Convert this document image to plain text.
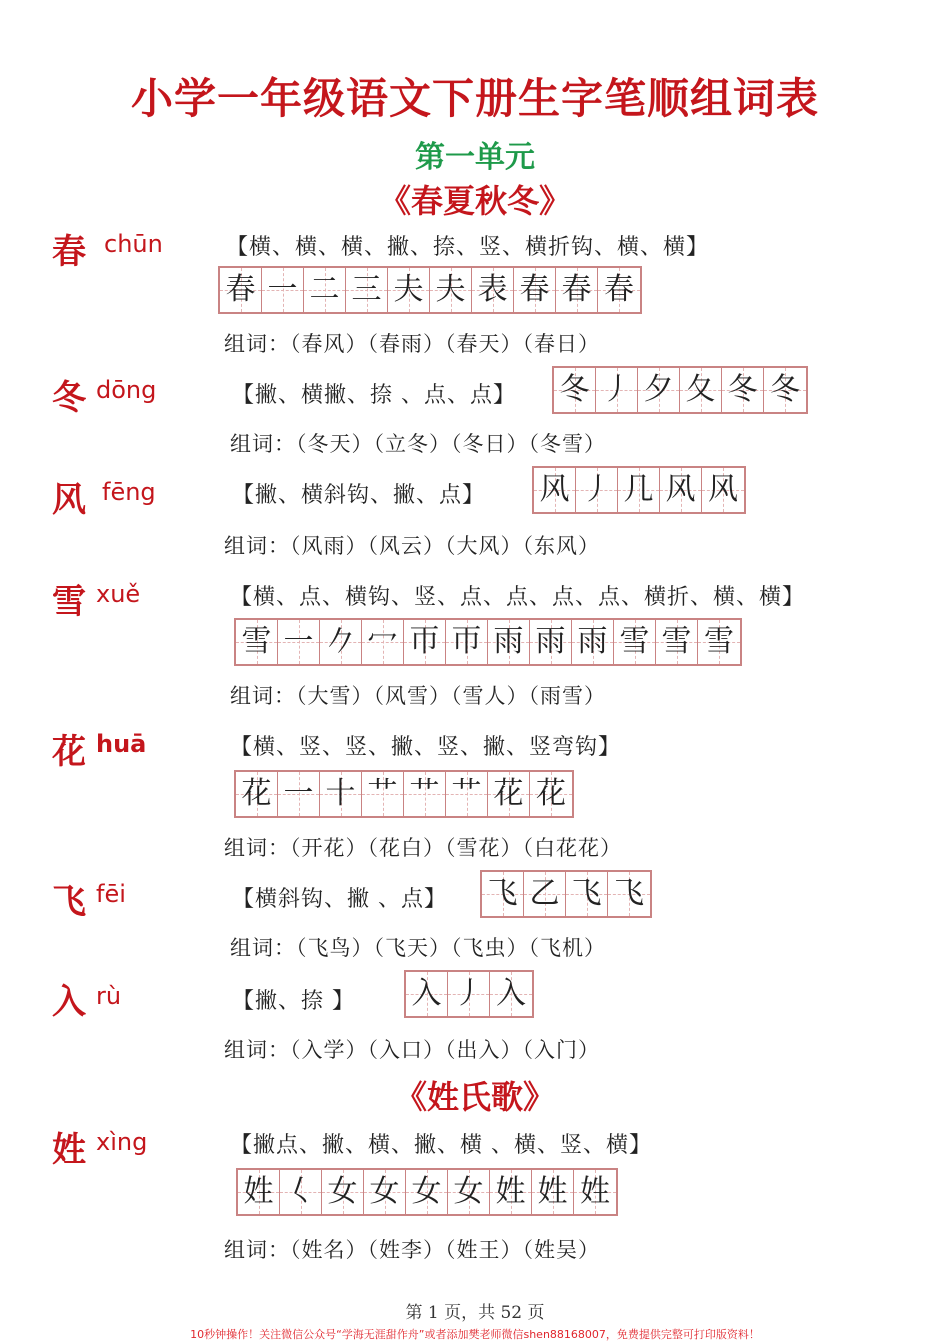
小学一年级语文下册生字笔顺组词表
第一单元
《春夏秋冬》
春 chūn	【横、横、横、撇、捺、竖、横折钩、横、横】
春 一 二 三 夫 夫 表 春 春 春
组词：（春风）（春雨）（春天）（春日）
冬 dōng	【撇、横撇、捺 、点、点】 冬 丿 夕 夂 冬 冬
组词：（冬天）（立冬）（冬日）（冬雪）
风 fēng	【撇、横斜钩、撇、点】 风 丿 几 风 风
组词：（风雨）（风云）（大风）（东风）
雪 xuě	【横、点、横钩、竖、点、点、点、点、横折、横、横】
雪 一 𠂊 冖 帀 帀 雨 雨 雨 雪 雪 雪
组词：（大雪）（风雪）（雪人）（雨雪）
花 huā	【横、竖、竖、撇、竖、撇、竖弯钩】
花 一 十 艹 艹 艹 花 花
组词：（开花）（花白）（雪花）（白花花）
飞 fēi	【横斜钩、撇 、点】 飞 乙 飞 飞
组词：（飞鸟）（飞天）（飞虫）（飞机）
入 rù	【撇、捺 】 入 丿 入
组词：（入学）（入口）（出入）（入门）
《姓氏歌》
姓 xìng	【撇点、撇、横、撇、横 、横、竖、横】
姓 𡿨 女 女 女 女 姓 姓 姓
组词：（姓名）（姓李）（姓王）（姓吴）
第 1 页，共 52 页
10秒钟操作！关注微信公众号“学海无涯甜作舟”或者添加樊老师微信shen88168007，免费提供完整可打印版资料！
